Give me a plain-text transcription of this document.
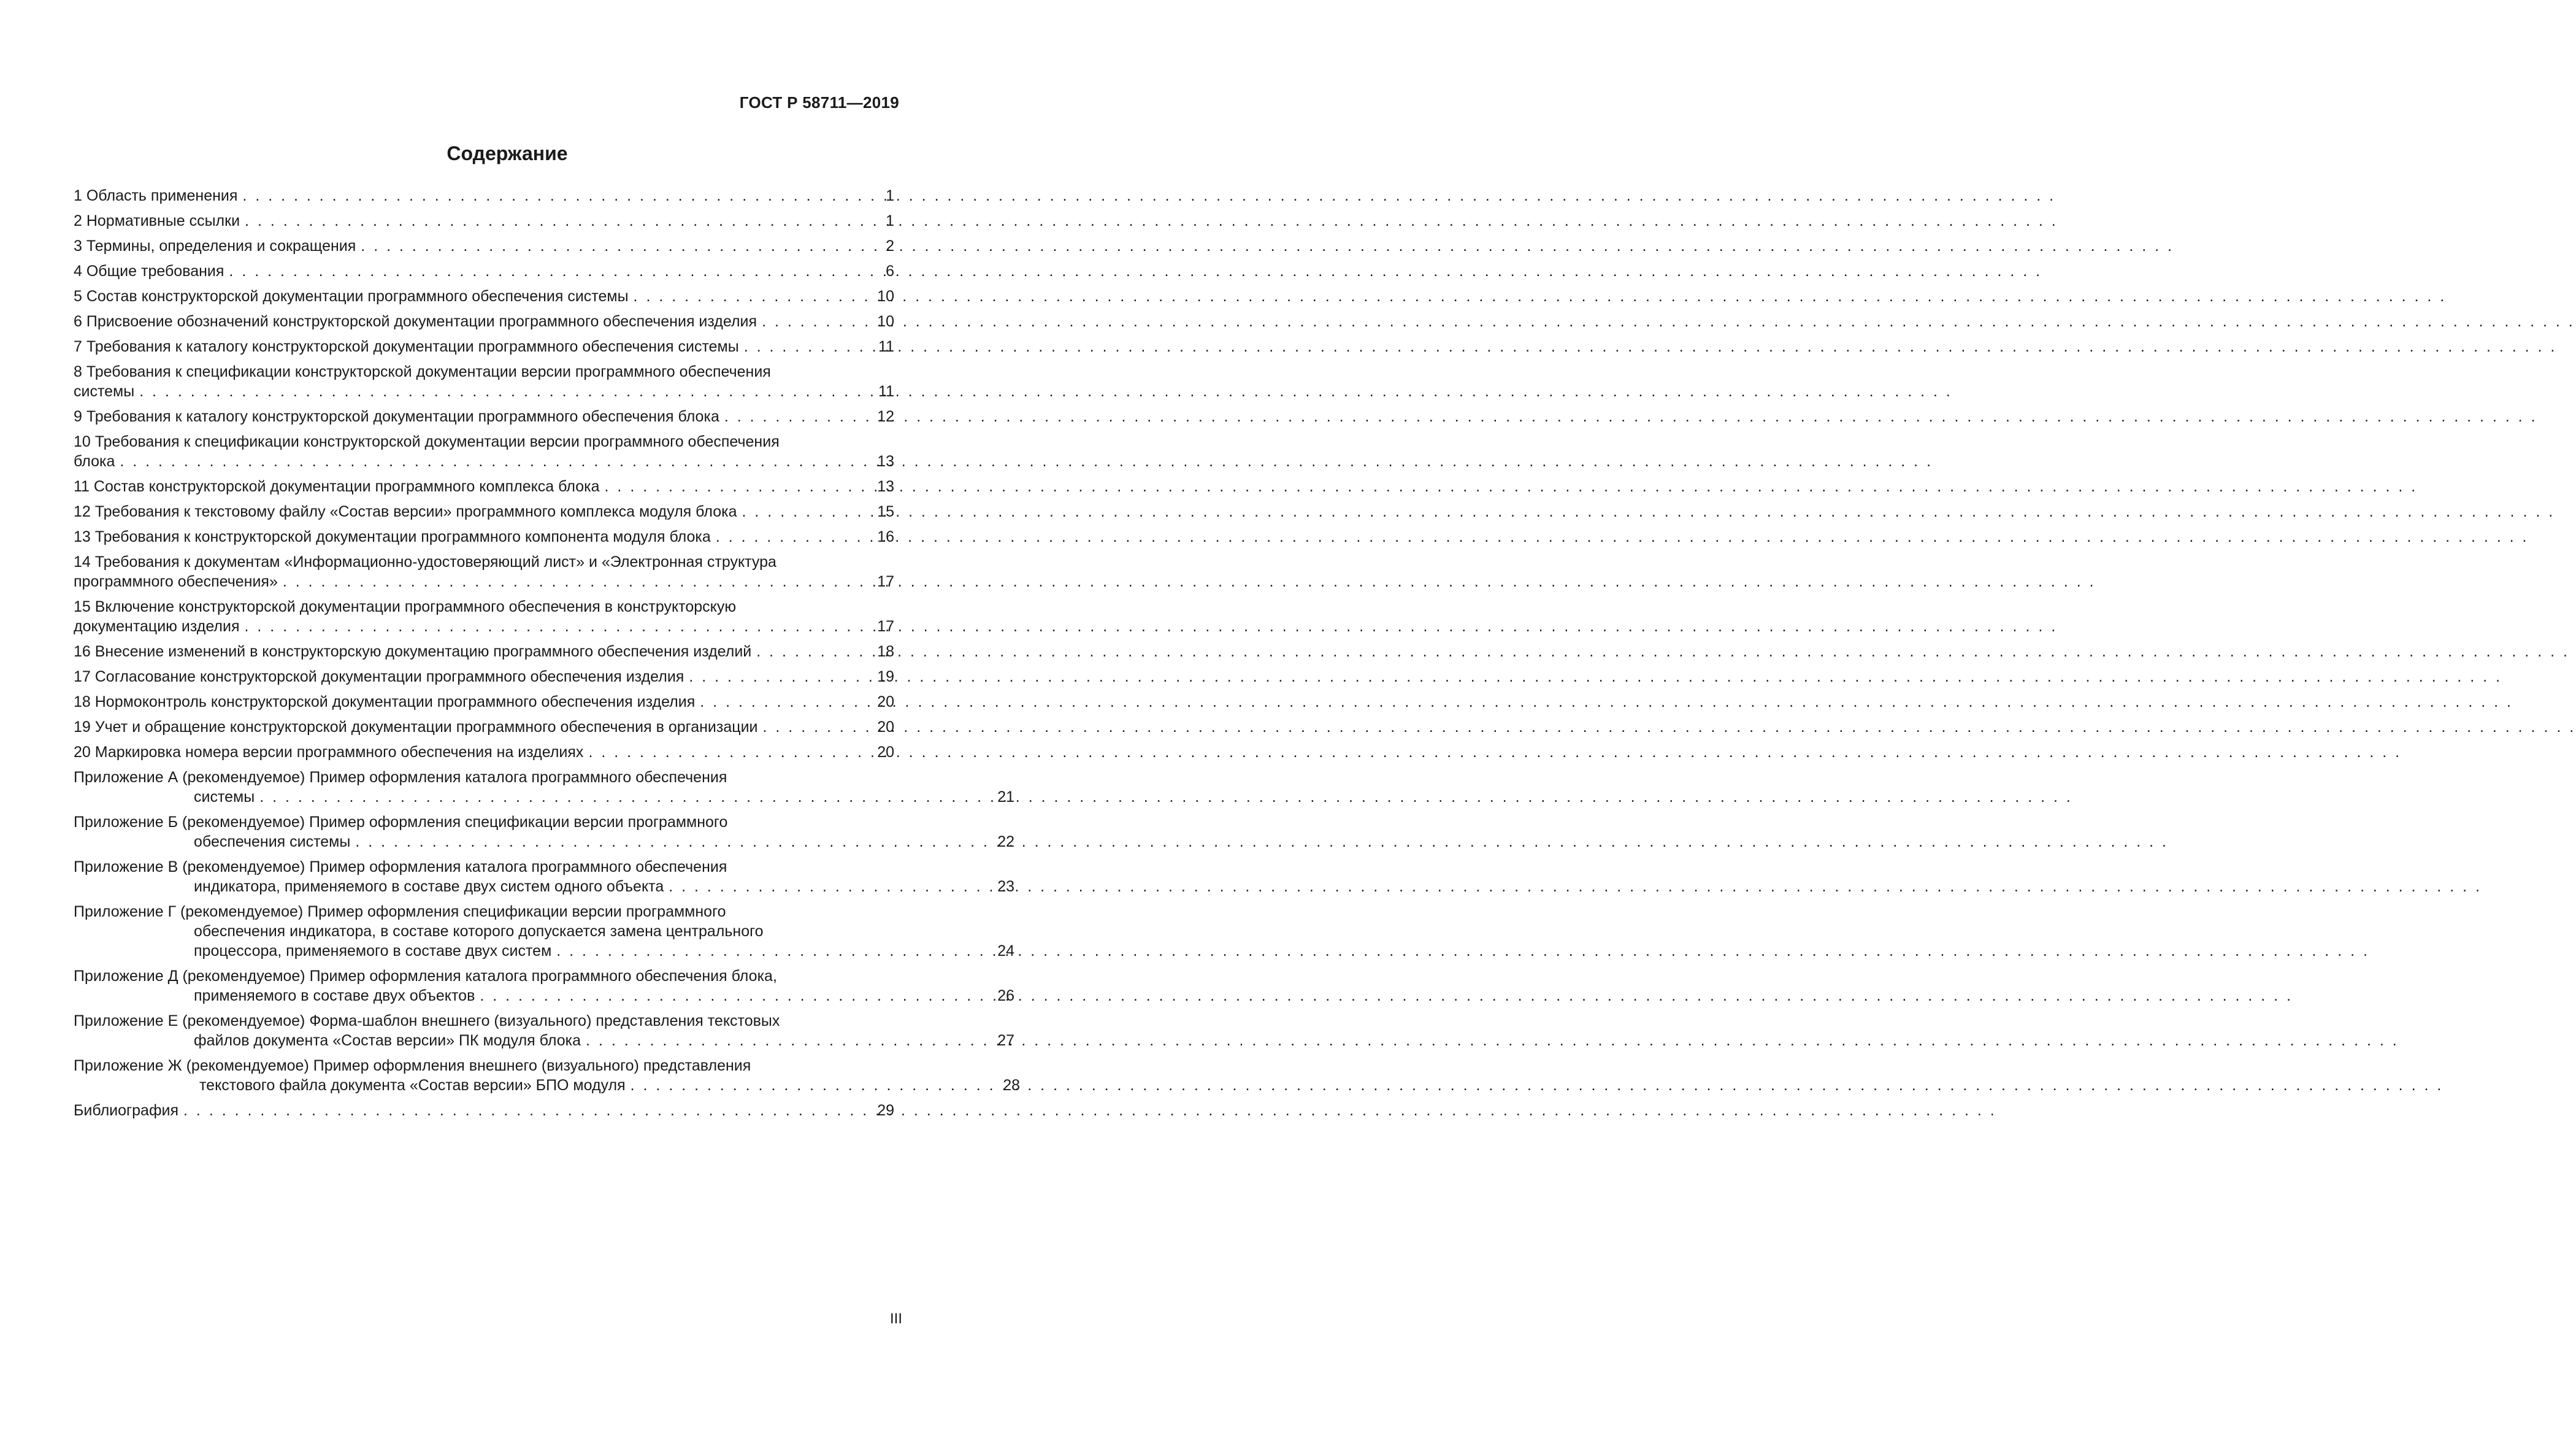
ГОСТ Р 58711—2019
Содержание
1 Область применения . . .	1
2 Нормативные ссылки . . .	1
3 Термины, определения и сокращения . . .	2
4 Общие требования . . .	6
5 Состав конструкторской документации программного обеспечения системы . . .	10
6 Присвоение обозначений конструкторской документации программного обеспечения изделия . . .	10
7 Требования к каталогу конструкторской документации программного обеспечения системы . . .	11
8 Требования к спецификации конструкторской документации версии программного обеспечения
системы . . .	11
9 Требования к каталогу конструкторской документации программного обеспечения блока . . .	12
10 Требования к спецификации конструкторской документации версии программного обеспечения
блока . . .	13
11 Состав конструкторской документации программного комплекса блока . . .	13
12 Требования к текстовому файлу «Состав версии» программного комплекса модуля блока . . .	15
13 Требования к конструкторской документации программного компонента модуля блока . . .	16
14 Требования к документам «Информационно-удостоверяющий лист» и «Электронная структура
программного обеспечения» . . .	17
15 Включение конструкторской документации программного обеспечения в конструкторскую
документацию изделия . . .	17
16 Внесение изменений в конструкторскую документацию программного обеспечения изделий . . .	18
17 Согласование конструкторской документации программного обеспечения изделия . . .	19
18 Нормоконтроль конструкторской документации программного обеспечения изделия . . .	20
19 Учет и обращение конструкторской документации программного обеспечения в организации . . .	20
20 Маркировка номера версии программного обеспечения на изделиях . . .	20
Приложение А (рекомендуемое) Пример оформления каталога программного обеспечения
системы . . .	21
Приложение Б (рекомендуемое) Пример оформления спецификации версии программного
обеспечения системы . . .	22
Приложение В (рекомендуемое) Пример оформления каталога программного обеспечения
индикатора, применяемого в составе двух систем одного объекта . . .	23
Приложение Г (рекомендуемое) Пример оформления спецификации версии программного
обеспечения индикатора, в составе которого допускается замена центрального
процессора, применяемого в составе двух систем . . .	24
Приложение Д (рекомендуемое) Пример оформления каталога программного обеспечения блока,
применяемого в составе двух объектов . . .	26
Приложение Е (рекомендуемое) Форма-шаблон внешнего (визуального) представления текстовых
файлов документа «Состав версии» ПК модуля блока . . .	27
Приложение Ж (рекомендуемое) Пример оформления внешнего (визуального) представления
текстового файла документа «Состав версии» БПО модуля . . .	28
Библиография . . .	29
III
